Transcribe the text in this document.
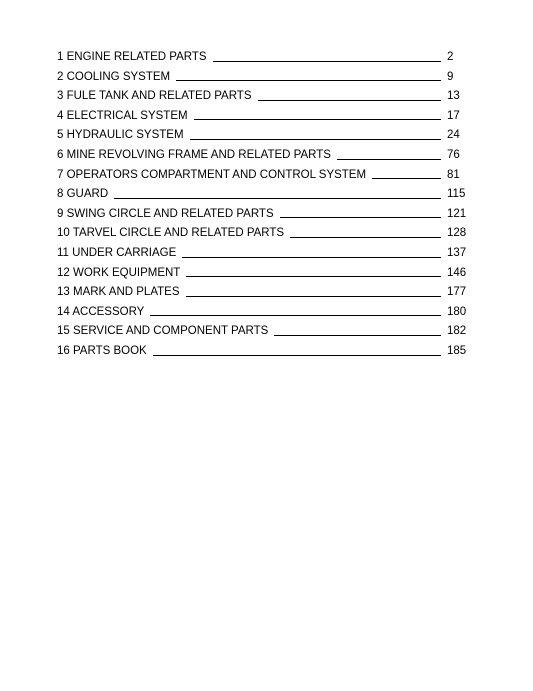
1 ENGINE RELATED PARTS	2
2 COOLING SYSTEM	9
3 FULE TANK AND RELATED PARTS	13
4 ELECTRICAL SYSTEM	17
5 HYDRAULIC SYSTEM	24
6 MINE REVOLVING FRAME AND RELATED PARTS	76
7 OPERATORS COMPARTMENT AND CONTROL SYSTEM	81
8 GUARD	115
9 SWING CIRCLE AND RELATED PARTS	121
10 TARVEL CIRCLE AND RELATED PARTS	128
11 UNDER CARRIAGE	137
12 WORK EQUIPMENT	146
13 MARK AND PLATES	177
14 ACCESSORY	180
15 SERVICE AND COMPONENT PARTS	182
16 PARTS BOOK	185
